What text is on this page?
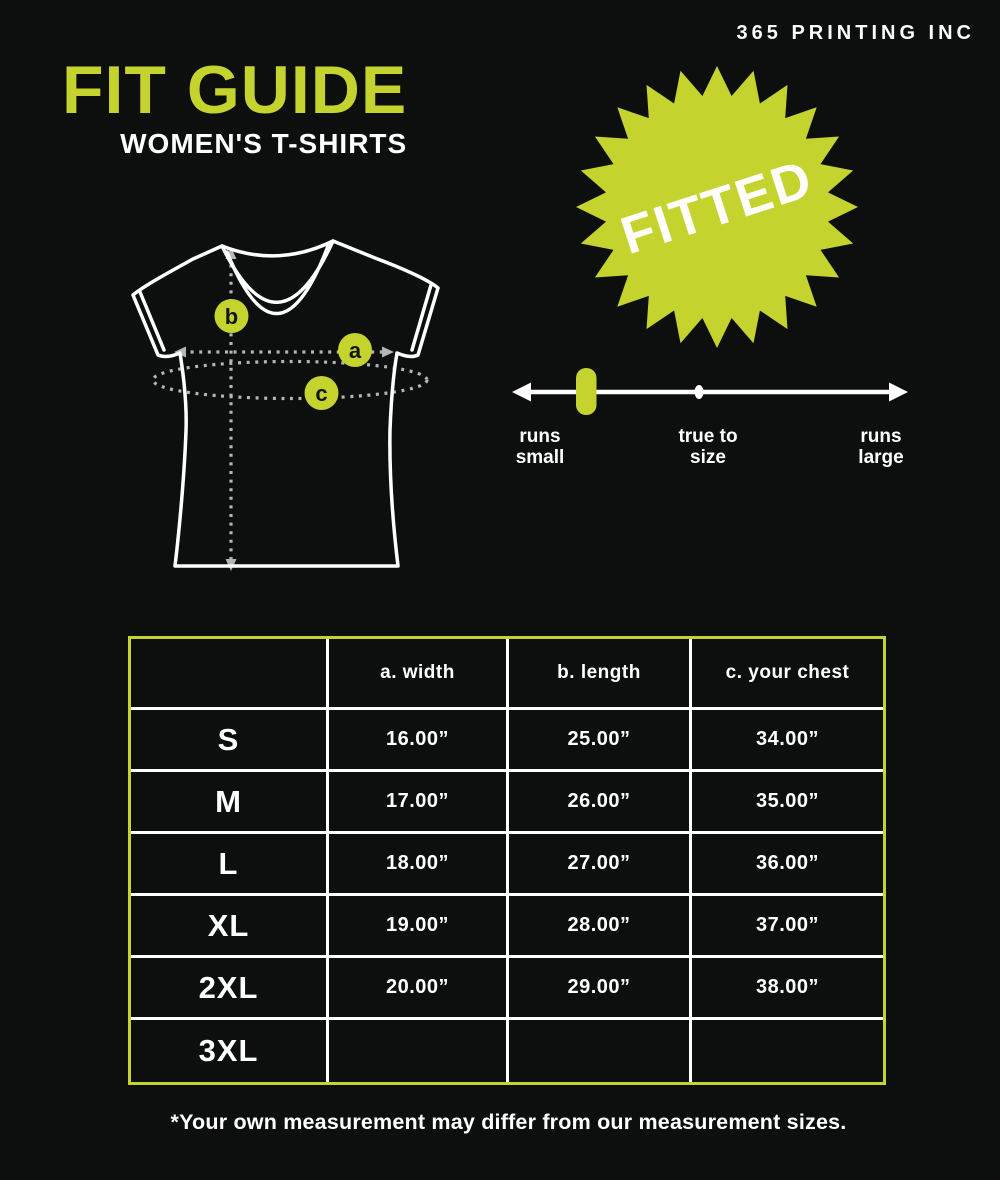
365 PRINTING INC
FIT GUIDE
WOMEN'S T-SHIRTS
a
b
c
FITTED
runs
small
true to
size
runs
large
	a. width	b. length	c. your chest
S	16.00”	25.00”	34.00”
M	17.00”	26.00”	35.00”
L	18.00”	27.00”	36.00”
XL	19.00”	28.00”	37.00”
2XL	20.00”	29.00”	38.00”
3XL			
*Your own measurement may differ from our measurement sizes.
